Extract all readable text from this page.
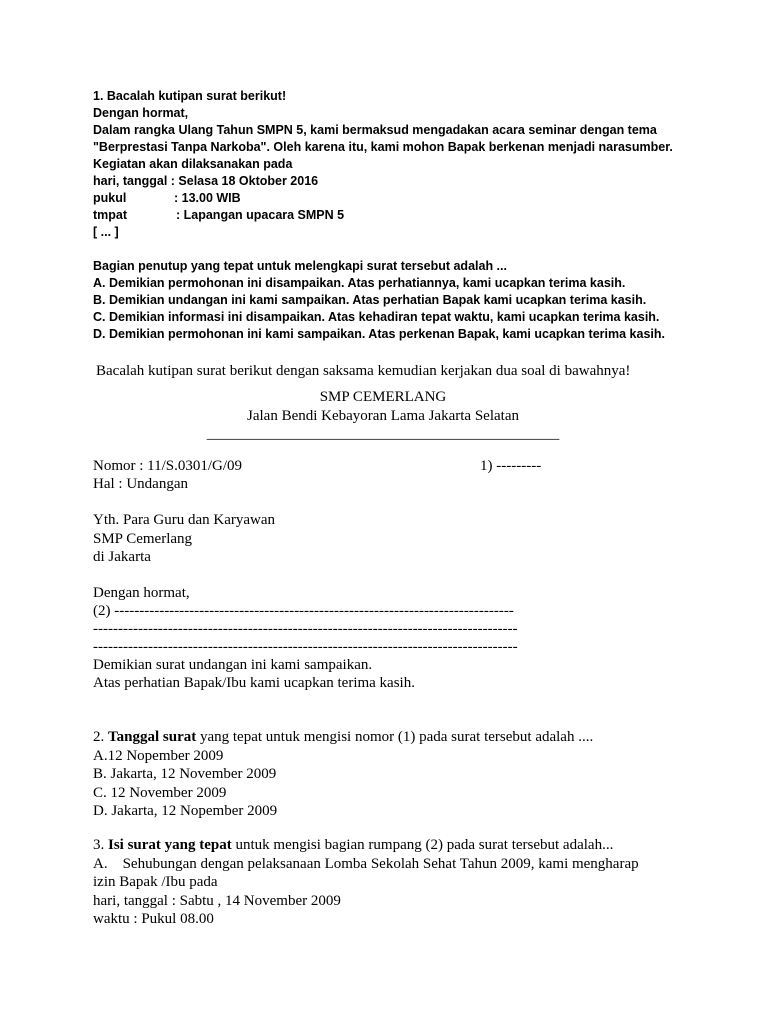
1. Bacalah kutipan surat berikut!
Dengan hormat,
Dalam rangka Ulang Tahun SMPN 5, kami bermaksud mengadakan acara seminar dengan tema
"Berprestasi Tanpa Narkoba". Oleh karena itu, kami mohon Bapak berkenan menjadi narasumber.
Kegiatan akan dilaksanakan pada
hari, tanggal : Selasa 18 Oktober 2016
pukul	: 13.00 WIB
tmpat	: Lapangan upacara SMPN 5
[ ... ]
Bagian penutup yang tepat untuk melengkapi surat tersebut adalah ...
A. Demikian permohonan ini disampaikan. Atas perhatiannya, kami ucapkan terima kasih.
B. Demikian undangan ini kami sampaikan. Atas perhatian Bapak kami ucapkan terima kasih.
C. Demikian informasi ini disampaikan. Atas kehadiran tepat waktu, kami ucapkan terima kasih.
D. Demikian permohonan ini kami sampaikan. Atas perkenan Bapak, kami ucapkan terima kasih.
Bacalah kutipan surat berikut dengan saksama kemudian kerjakan dua soal di bawahnya!
SMP CEMERLANG
Jalan Bendi Kebayoran Lama Jakarta Selatan
_______________________________________________
Nomor : 11/S.0301/G/09	1) ---------
Hal : Undangan
Yth. Para Guru dan Karyawan
SMP Cemerlang
di Jakarta
Dengan hormat,
(2) --------------------------------------------------------------------------------
-------------------------------------------------------------------------------------
-------------------------------------------------------------------------------------
Demikian surat undangan ini kami sampaikan.
Atas perhatian Bapak/Ibu kami ucapkan terima kasih.
2. Tanggal surat yang tepat untuk mengisi nomor (1) pada surat tersebut adalah ....
A.12 Nopember 2009
B. Jakarta, 12 November 2009
C. 12 November 2009
D. Jakarta, 12 Nopember 2009
3. Isi surat yang tepat untuk mengisi bagian rumpang (2) pada surat tersebut adalah...
A.    Sehubungan dengan pelaksanaan Lomba Sekolah Sehat Tahun 2009, kami mengharap
izin Bapak /Ibu pada
hari, tanggal : Sabtu , 14 November 2009
waktu : Pukul 08.00
